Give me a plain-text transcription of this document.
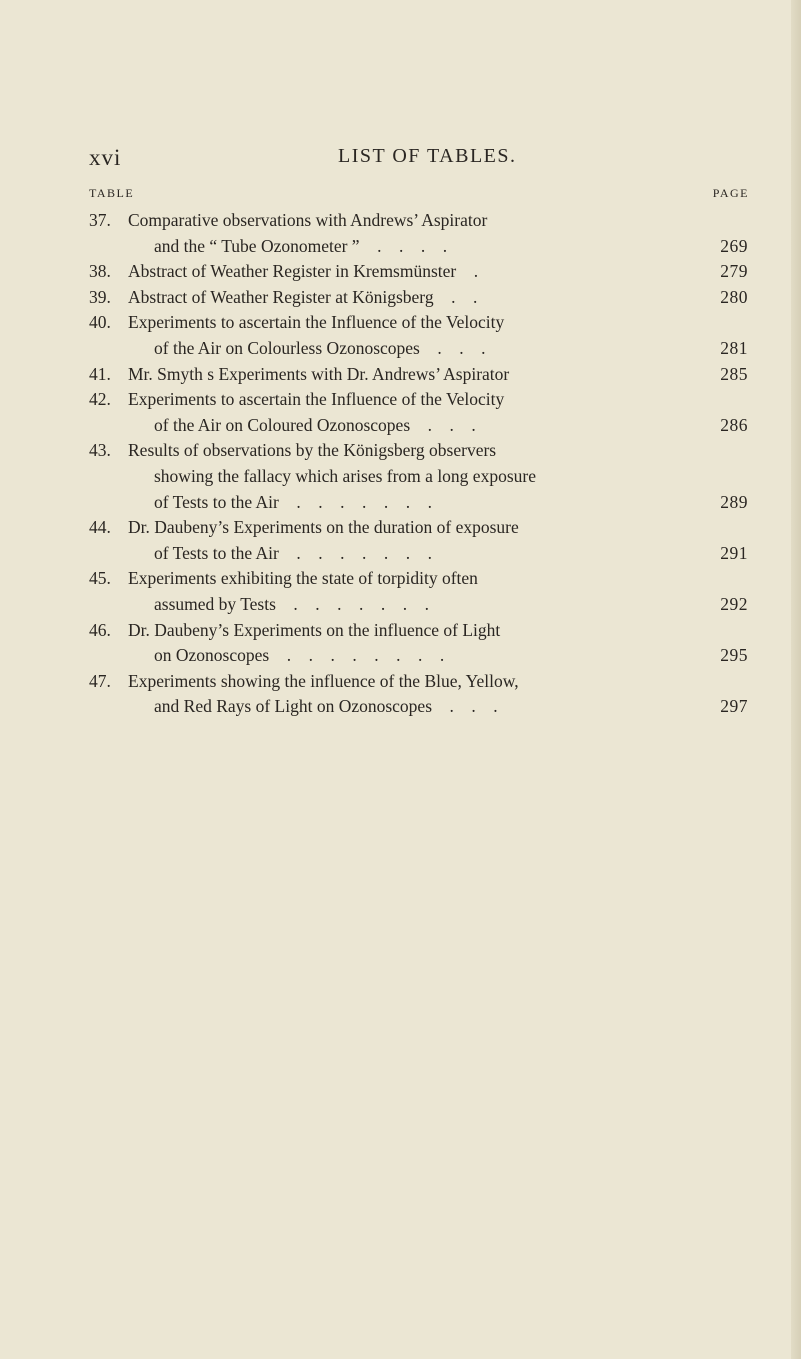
xvi	LIST OF TABLES.
TABLE	PAGE
37. Comparative observations with Andrews’ Aspirator
and the “ Tube Ozonometer ” .  .  .  .	269
38. Abstract of Weather Register in Kremsmünster .	279
39. Abstract of Weather Register at Königsberg .  .	280
40. Experiments to ascertain the Influence of the Velocity
of the Air on Colourless Ozonoscopes .  .  .	281
41. Mr. Smyth s Experiments with Dr. Andrews’ Aspirator	285
42. Experiments to ascertain the Influence of the Velocity
of the Air on Coloured Ozonoscopes .  .  .	286
43. Results of observations by the Königsberg observers
showing the fallacy which arises from a long exposure
of Tests to the Air .  .  .  .  .  .  .	289
44. Dr. Daubeny’s Experiments on the duration of exposure
of Tests to the Air .  .  .  .  .  .  .	291
45. Experiments exhibiting the state of torpidity often
assumed by Tests .  .  .  .  .  .  .	292
46. Dr. Daubeny’s Experiments on the influence of Light
on Ozonoscopes .  .  .  .  .  .  .  .	295
47. Experiments showing the influence of the Blue, Yellow,
and Red Rays of Light on Ozonoscopes .  .  .	297
